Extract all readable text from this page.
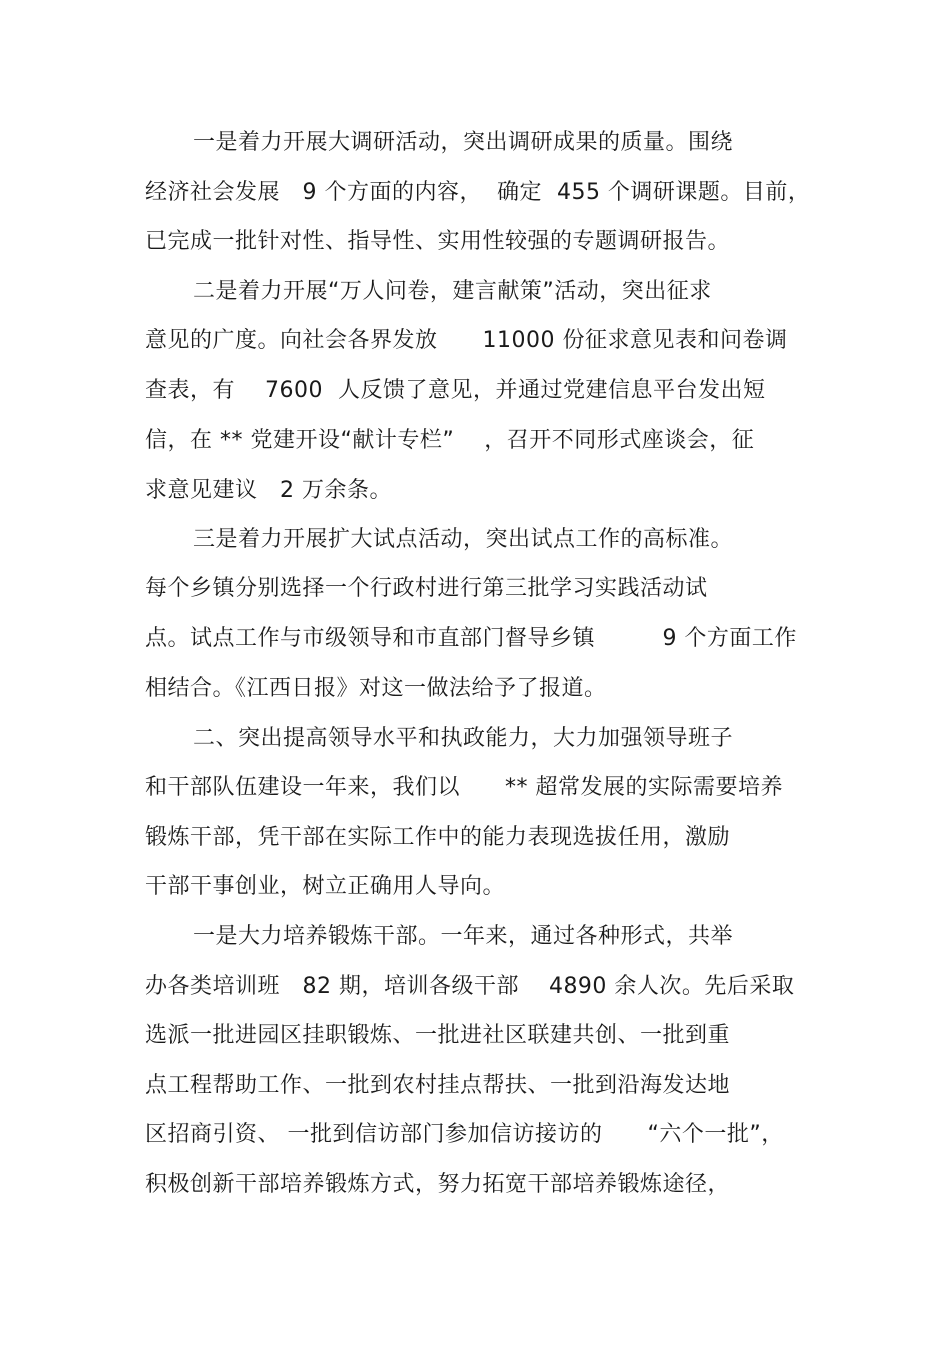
一是着力开展大调研活动，突出调研成果的质量。围绕
经济社会发展   9 个方面的内容，  确定  455 个调研课题。目前，
已完成一批针对性、指导性、实用性较强的专题调研报告。
二是着力开展“万人问卷，建言献策”活动，突出征求
意见的广度。向社会各界发放      11000 份征求意见表和问卷调
查表，有    7600  人反馈了意见，并通过党建信息平台发出短
信，在 ** 党建开设“献计专栏”    ，召开不同形式座谈会，征
求意见建议   2 万余条。
三是着力开展扩大试点活动，突出试点工作的高标准。
每个乡镇分别选择一个行政村进行第三批学习实践活动试
点。试点工作与市级领导和市直部门督导乡镇         9 个方面工作
相结合。《江西日报》对这一做法给予了报道。
二、突出提高领导水平和执政能力，大力加强领导班子
和干部队伍建设一年来，我们以      ** 超常发展的实际需要培养
锻炼干部，凭干部在实际工作中的能力表现选拔任用，激励
干部干事创业，树立正确用人导向。
一是大力培养锻炼干部。一年来，通过各种形式，共举
办各类培训班   82 期，培训各级干部    4890 余人次。先后采取
选派一批进园区挂职锻炼、一批进社区联建共创、一批到重
点工程帮助工作、一批到农村挂点帮扶、一批到沿海发达地
区招商引资、 一批到信访部门参加信访接访的      “六个一批”，
积极创新干部培养锻炼方式，努力拓宽干部培养锻炼途径，
